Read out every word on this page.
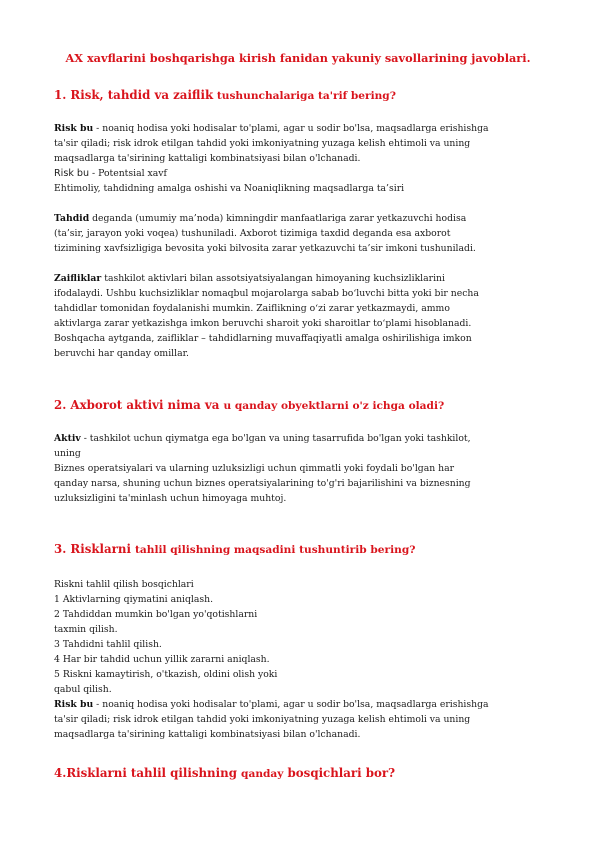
AX xavflarini boshqarishga kirish fanidan yakuniy savollarining javoblari.
1. Risk, tahdid va zaiflik tushunchalariga ta'rif bering?
Risk bu - noaniq hodisa yoki hodisalar to'plami, agar u sodir bo'lsa, maqsadlarga erishishga
ta'sir qiladi; risk idrok etilgan tahdid yoki imkoniyatning yuzaga kelish ehtimoli va uning
maqsadlarga ta'sirining kattaligi kombinatsiyasi bilan o'lchanadi.
Risk bu - Potentsial xavf
Ehtimoliy, tahdidning amalga oshishi va Noaniqlikning maqsadlarga ta’siri
Tahdid deganda (umumiy ma’noda) kimningdir manfaatlariga zarar yetkazuvchi hodisa
(ta’sir, jarayon yoki voqea) tushuniladi. Axborot tizimiga taxdid deganda esa axborot
tizimining xavfsizligiga bevosita yoki bilvosita zarar yetkazuvchi ta’sir imkoni tushuniladi.
Zaifliklar tashkilot aktivlari bilan assotsiyatsiyalangan himoyaning kuchsizliklarini
ifodalaydi. Ushbu kuchsizliklar nomaqbul mojarolarga sabab bo‘luvchi bitta yoki bir necha
tahdidlar tomonidan foydalanishi mumkin. Zaiflikning o‘zi zarar yetkazmaydi, ammo
aktivlarga zarar yetkazishga imkon beruvchi sharoit yoki sharoitlar to‘plami hisoblanadi.
Boshqacha aytganda, zaifliklar – tahdidlarning muvaffaqiyatli amalga oshirilishiga imkon
beruvchi har qanday omillar.
2. Axborot aktivi nima va u qanday obyektlarni o'z ichga oladi?
Aktiv - tashkilot uchun qiymatga ega bo'lgan va uning tasarrufida bo'lgan yoki tashkilot,
uning
Biznes operatsiyalari va ularning uzluksizligi uchun qimmatli yoki foydali bo'lgan har
qanday narsa, shuning uchun biznes operatsiyalarining to'g'ri bajarilishini va biznesning
uzluksizligini ta'minlash uchun himoyaga muhtoj.
3. Risklarni tahlil qilishning maqsadini tushuntirib bering?
Riskni tahlil qilish bosqichlari
1 Aktivlarning qiymatini aniqlash.
2 Tahdiddan mumkin bo'lgan yo'qotishlarni
taxmin qilish.
3 Tahdidni tahlil qilish.
4 Har bir tahdid uchun yillik zararni aniqlash.
5 Riskni kamaytirish, o'tkazish, oldini olish yoki
qabul qilish.
Risk bu - noaniq hodisa yoki hodisalar to'plami, agar u sodir bo'lsa, maqsadlarga erishishga
ta'sir qiladi; risk idrok etilgan tahdid yoki imkoniyatning yuzaga kelish ehtimoli va uning
maqsadlarga ta'sirining kattaligi kombinatsiyasi bilan o'lchanadi.
4.Risklarni tahlil qilishning qanday bosqichlari bor?
